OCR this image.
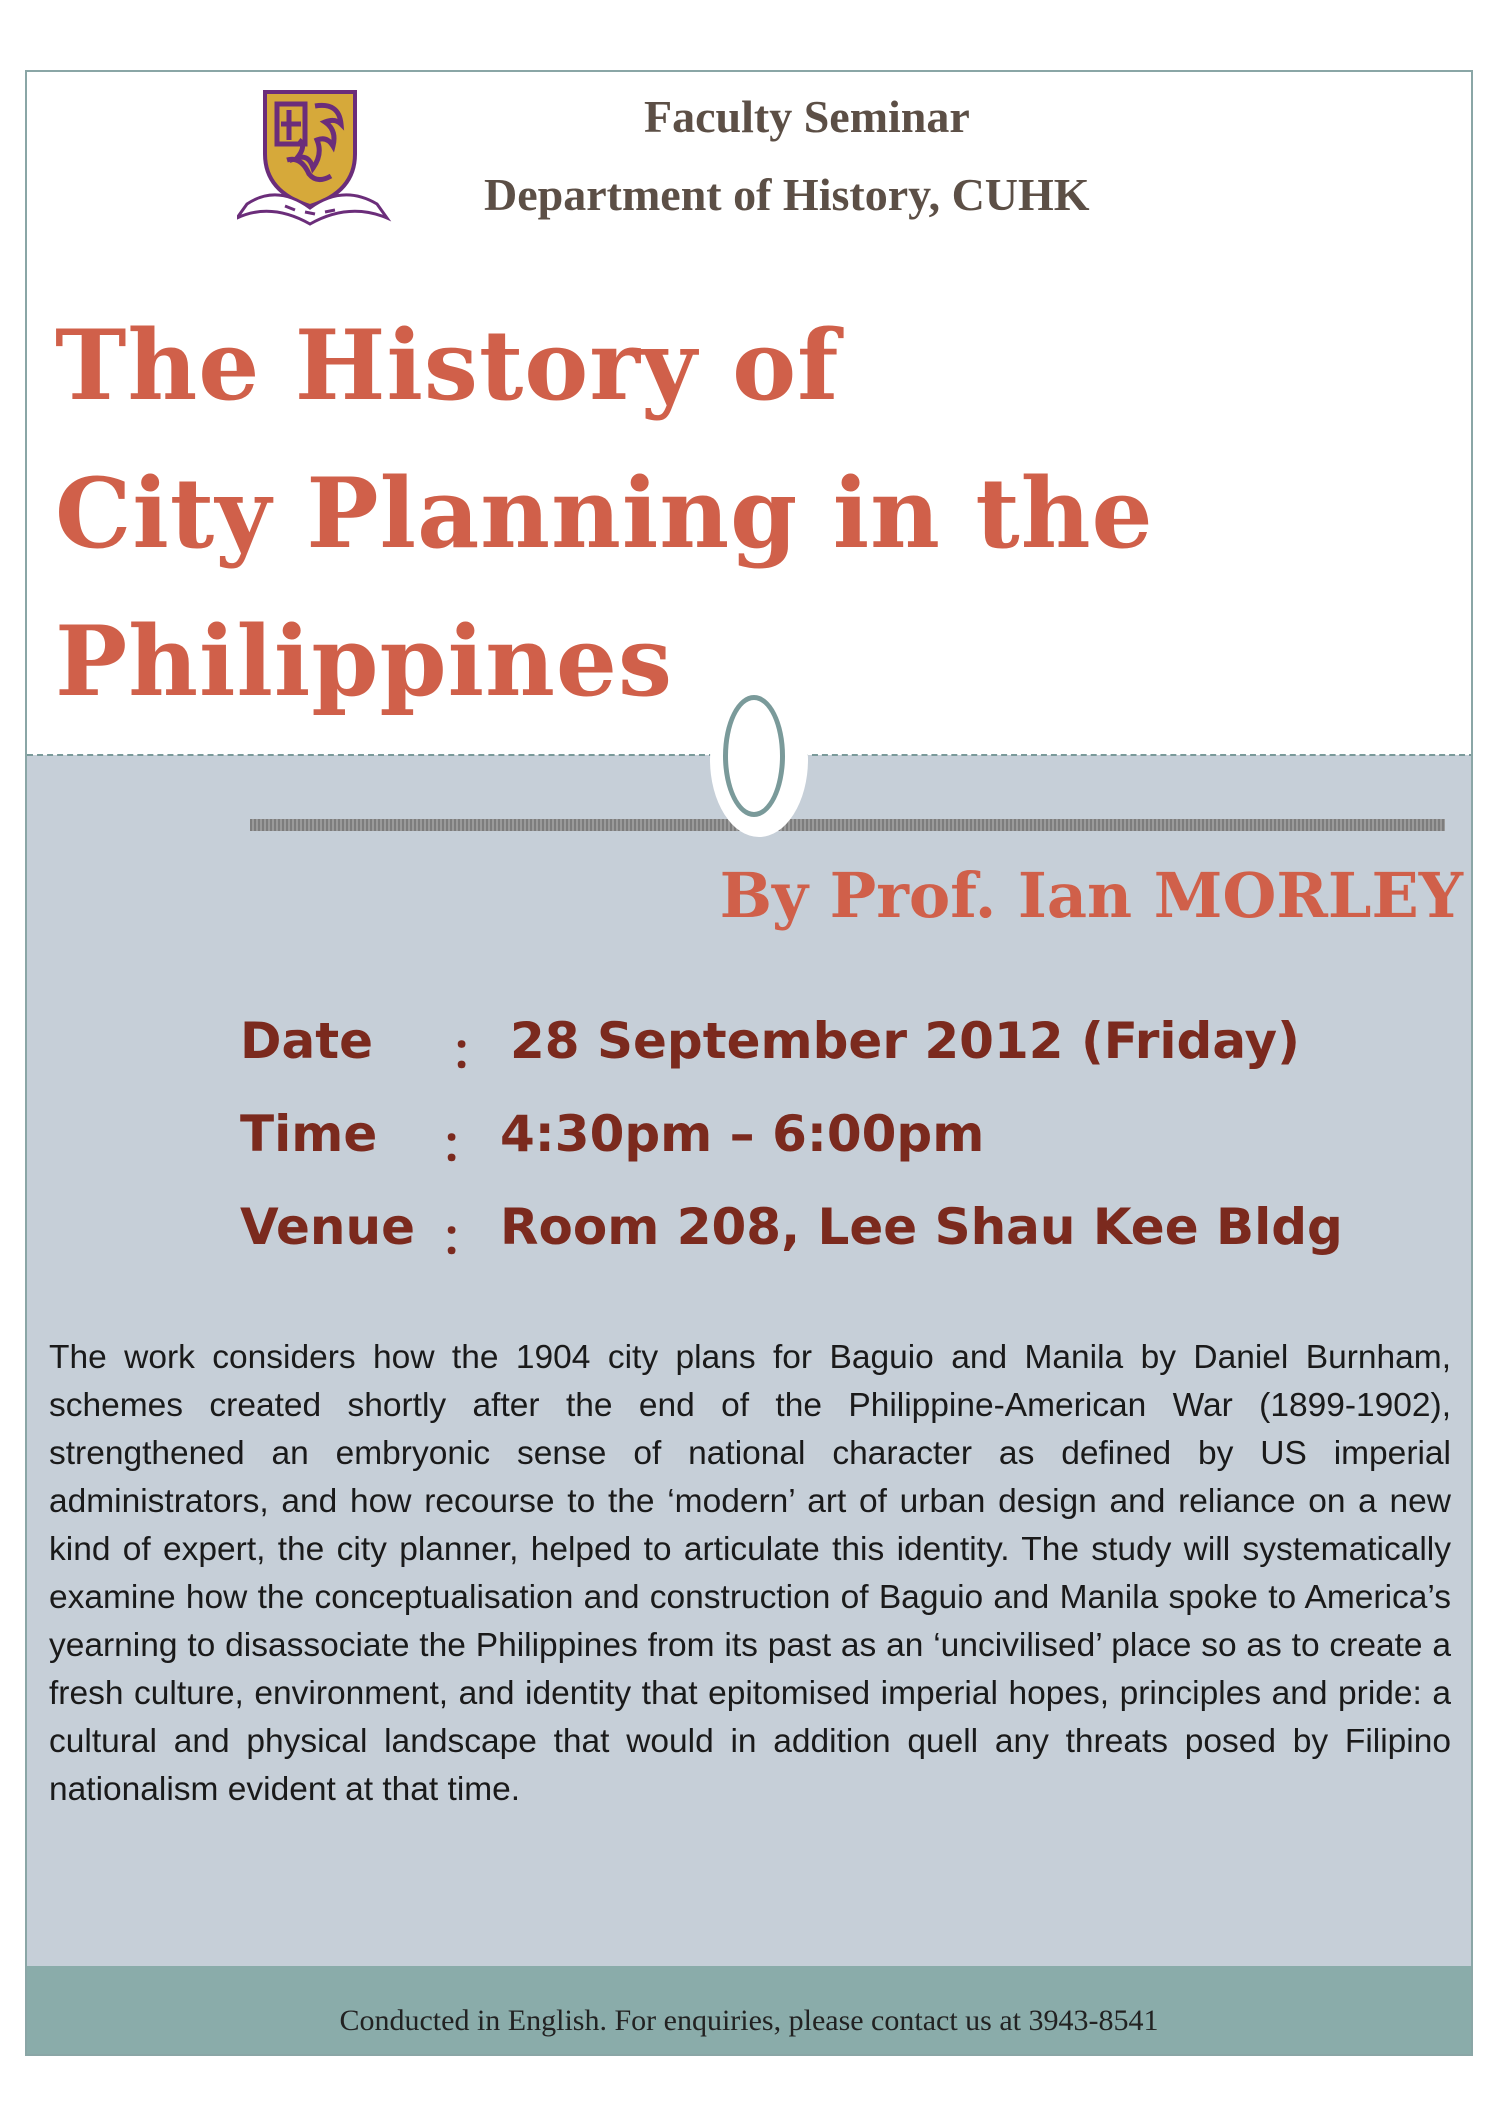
Faculty Seminar
Department of History, CUHK
The History of
City Planning in the
Philippines
By Prof. Ian MORLEY
Date ： 28 September 2012 (Friday)
Time ： 4:30pm – 6:00pm
Venue ： Room 208, Lee Shau Kee Bldg
The work considers how the 1904 city plans for Baguio and Manila by Daniel Burnham, schemes created shortly after the end of the Philippine-American War (1899-1902), strengthened an embryonic sense of national character as defined by US imperial administrators, and how recourse to the ‘modern’ art of urban design and reliance on a new kind of expert, the city planner, helped to articulate this identity. The study will systematically examine how the conceptualisation and construction of Baguio and Manila spoke to America’s yearning to disassociate the Philippines from its past as an ‘uncivilised’ place so as to create a fresh culture, environment, and identity that epitomised imperial hopes, principles and pride: a cultural and physical landscape that would in addition quell any threats posed by Filipino nationalism evident at that time.
Conducted in English. For enquiries, please contact us at 3943-8541
